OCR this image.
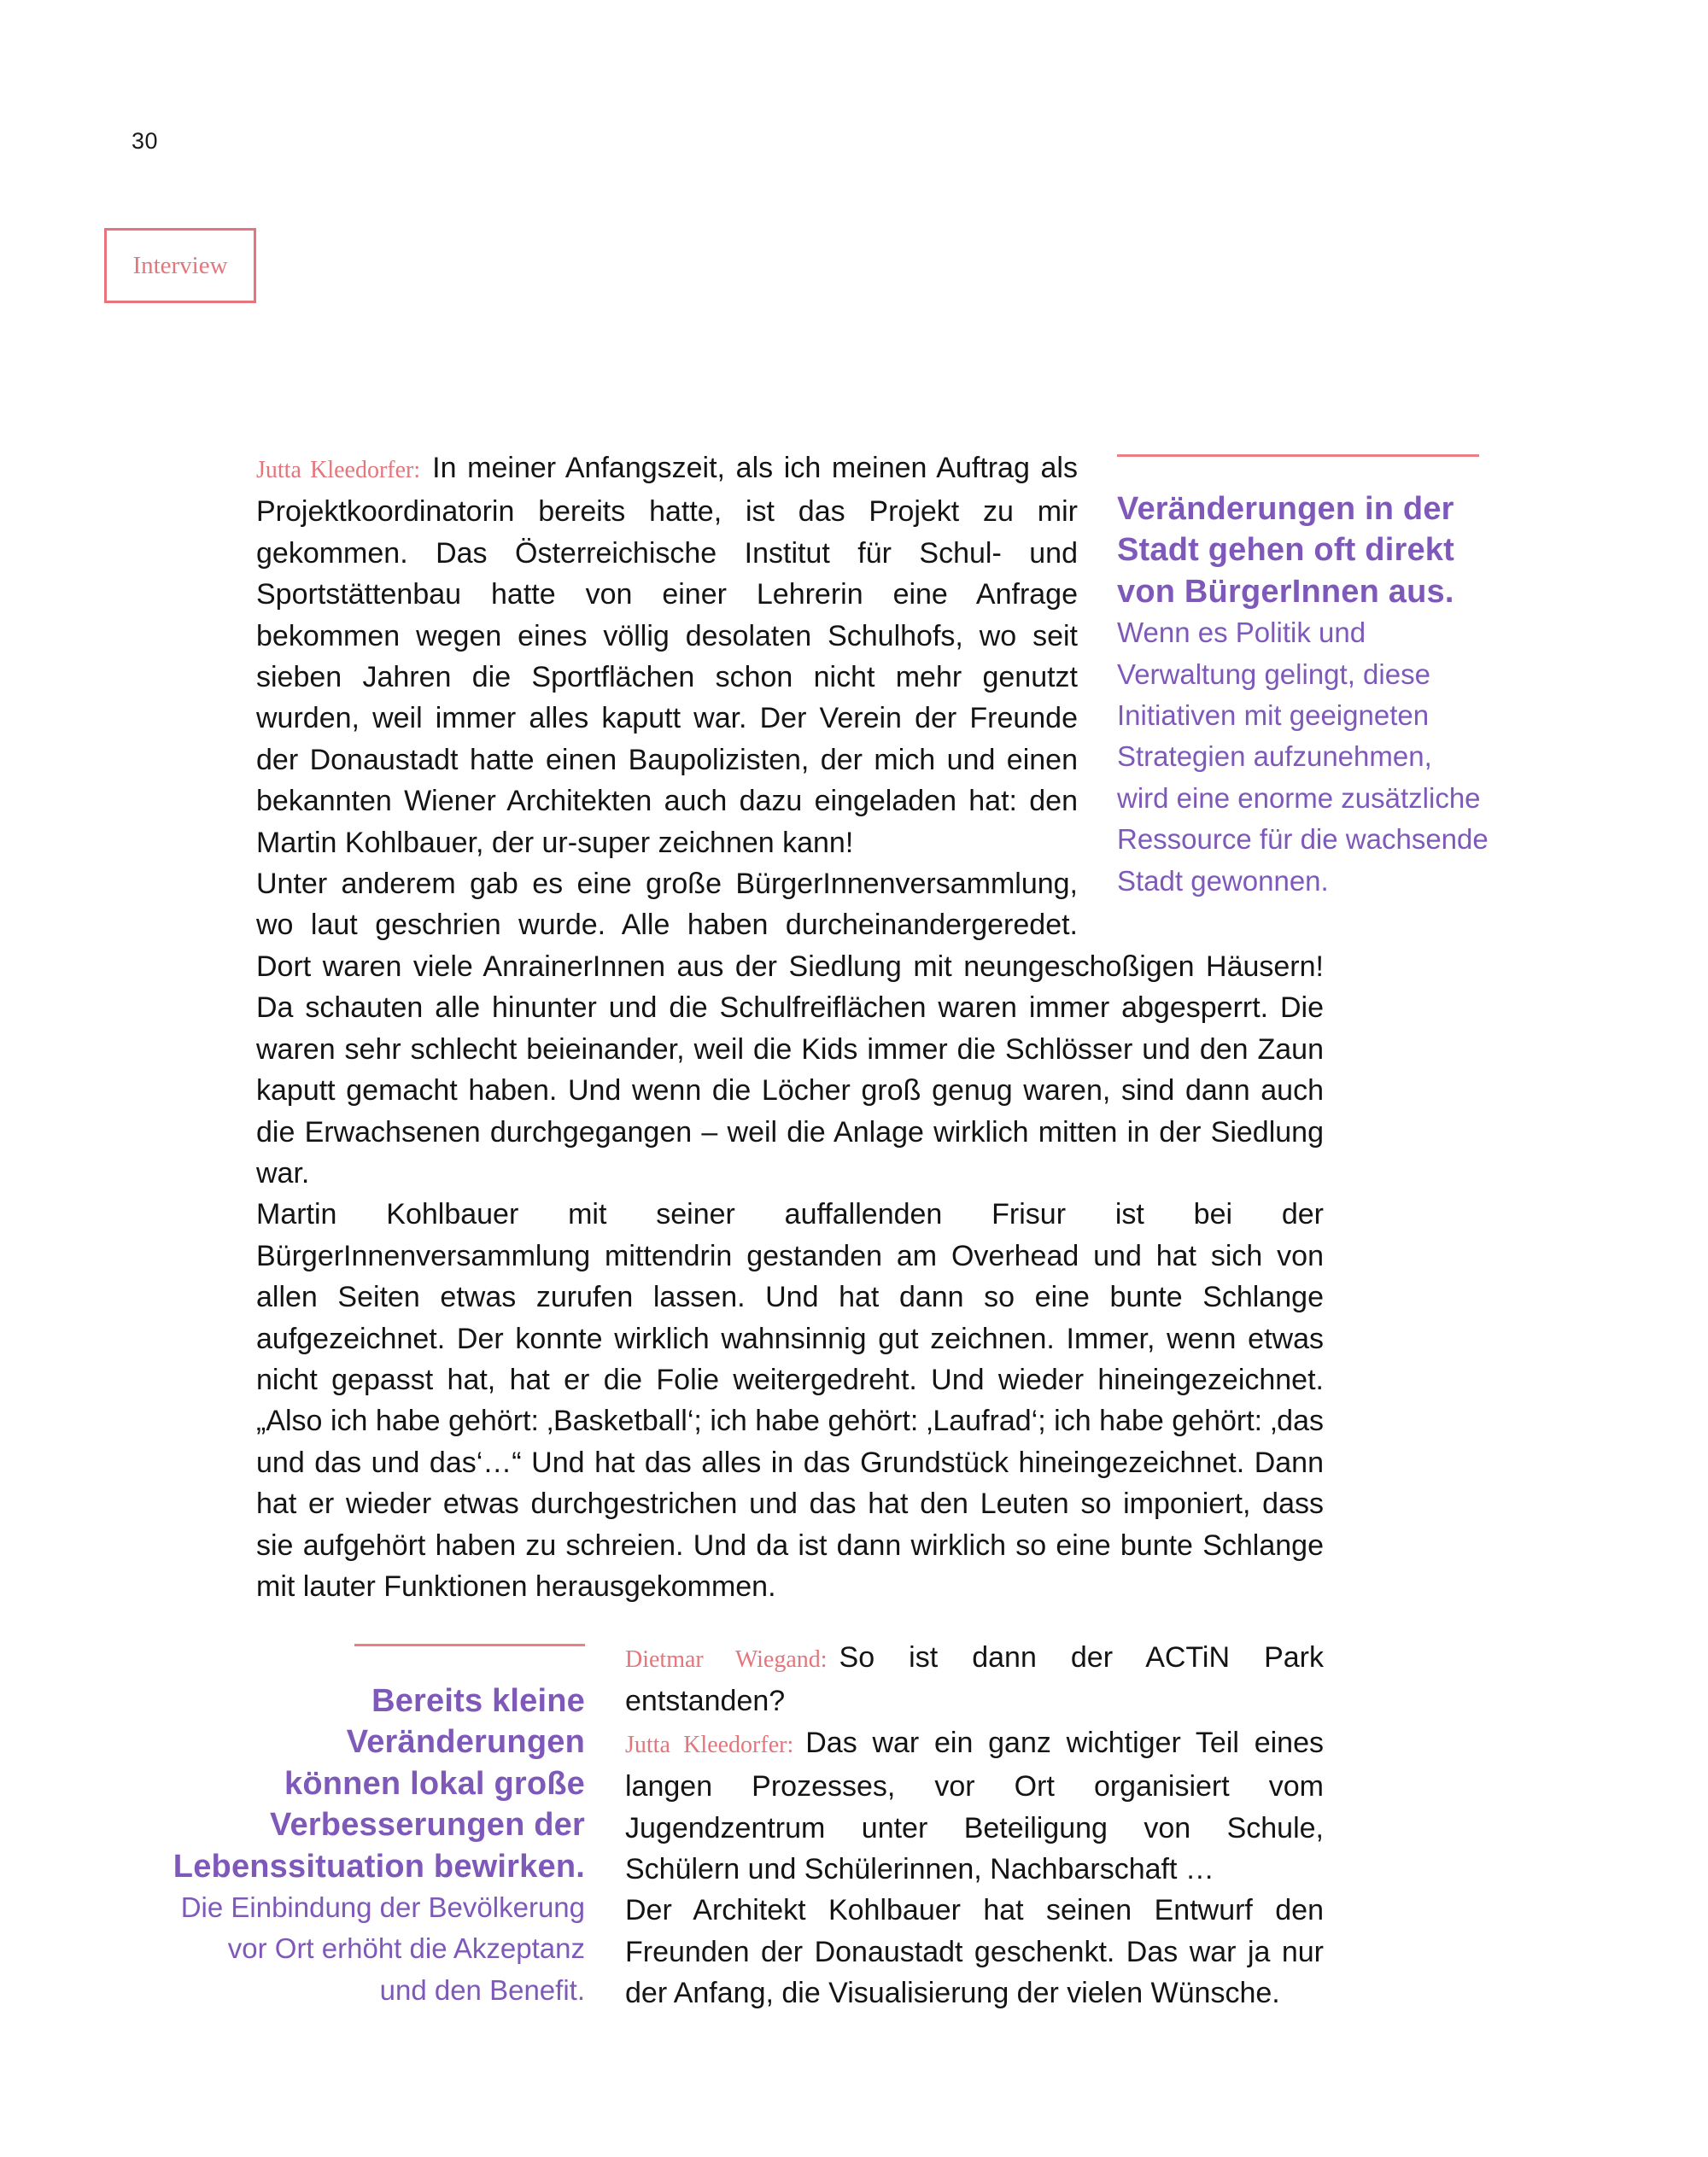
30
Interview
Veränderungen in der
Stadt gehen oft direkt
von BürgerInnen aus.
Wenn es Politik und
Verwaltung gelingt, diese
Initiativen mit geeigneten
Strategien aufzunehmen,
wird eine enorme zusätzliche
Ressource für die wachsende
Stadt gewonnen.

Jutta Kleedorfer: In meiner Anfangszeit, als ich meinen Auftrag als Projektkoordinatorin bereits hatte, ist das Projekt zu mir gekommen. Das Österreichische Institut für Schul- und Sportstättenbau hatte von einer Lehrerin eine Anfrage bekommen wegen eines völlig desolaten Schulhofs, wo seit sieben Jahren die Sportflächen schon nicht mehr genutzt wurden, weil immer alles kaputt war. Der Verein der Freunde der Donaustadt hatte einen Baupolizisten, der mich und einen bekannten Wiener Architekten auch dazu eingeladen hat: den Martin Kohlbauer, der ur-super zeichnen kann!

Unter anderem gab es eine große BürgerInnenversammlung, wo laut geschrien wurde. Alle haben durcheinandergeredet.

Dort waren viele AnrainerInnen aus der Siedlung mit neungeschoßigen Häusern! Da schauten alle hinunter und die Schulfreiflächen waren immer abgesperrt. Die waren sehr schlecht beieinander, weil die Kids immer die Schlösser und den Zaun kaputt gemacht haben. Und wenn die Löcher groß genug waren, sind dann auch die Erwachsenen durchgegangen – weil die Anlage wirklich mitten in der Siedlung war.

Martin Kohlbauer mit seiner auffallenden Frisur ist bei der BürgerInnenversammlung mittendrin gestanden am Overhead und hat sich von allen Seiten etwas zurufen lassen. Und hat dann so eine bunte Schlange aufgezeichnet. Der konnte wirklich wahnsinnig gut zeichnen. Immer, wenn etwas nicht gepasst hat, hat er die Folie weitergedreht. Und wieder hineingezeichnet. „Also ich habe gehört: ‚Basketball‘; ich habe gehört: ‚Laufrad‘; ich habe gehört: ‚das und das und das‘…“ Und hat das alles in das Grundstück hineingezeichnet. Dann hat er wieder etwas durchgestrichen und das hat den Leuten so imponiert, dass sie aufgehört haben zu schreien. Und da ist dann wirklich so eine bunte Schlange mit lauter Funktionen herausgekommen.

Bereits kleine
Veränderungen
können lokal große
Verbesserungen der
Lebenssituation bewirken.
Die Einbindung der Bevölkerung
vor Ort erhöht die Akzeptanz
und den Benefit.

Dietmar Wiegand: So ist dann der ACTiN Park entstanden?

Jutta Kleedorfer: Das war ein ganz wichtiger Teil eines langen Prozesses, vor Ort organisiert vom Jugendzentrum unter Beteiligung von Schule, Schülern und Schülerinnen, Nachbarschaft …

Der Architekt Kohlbauer hat seinen Entwurf den Freunden der Donaustadt geschenkt. Das war ja nur der Anfang, die Visualisierung der vielen Wünsche.
